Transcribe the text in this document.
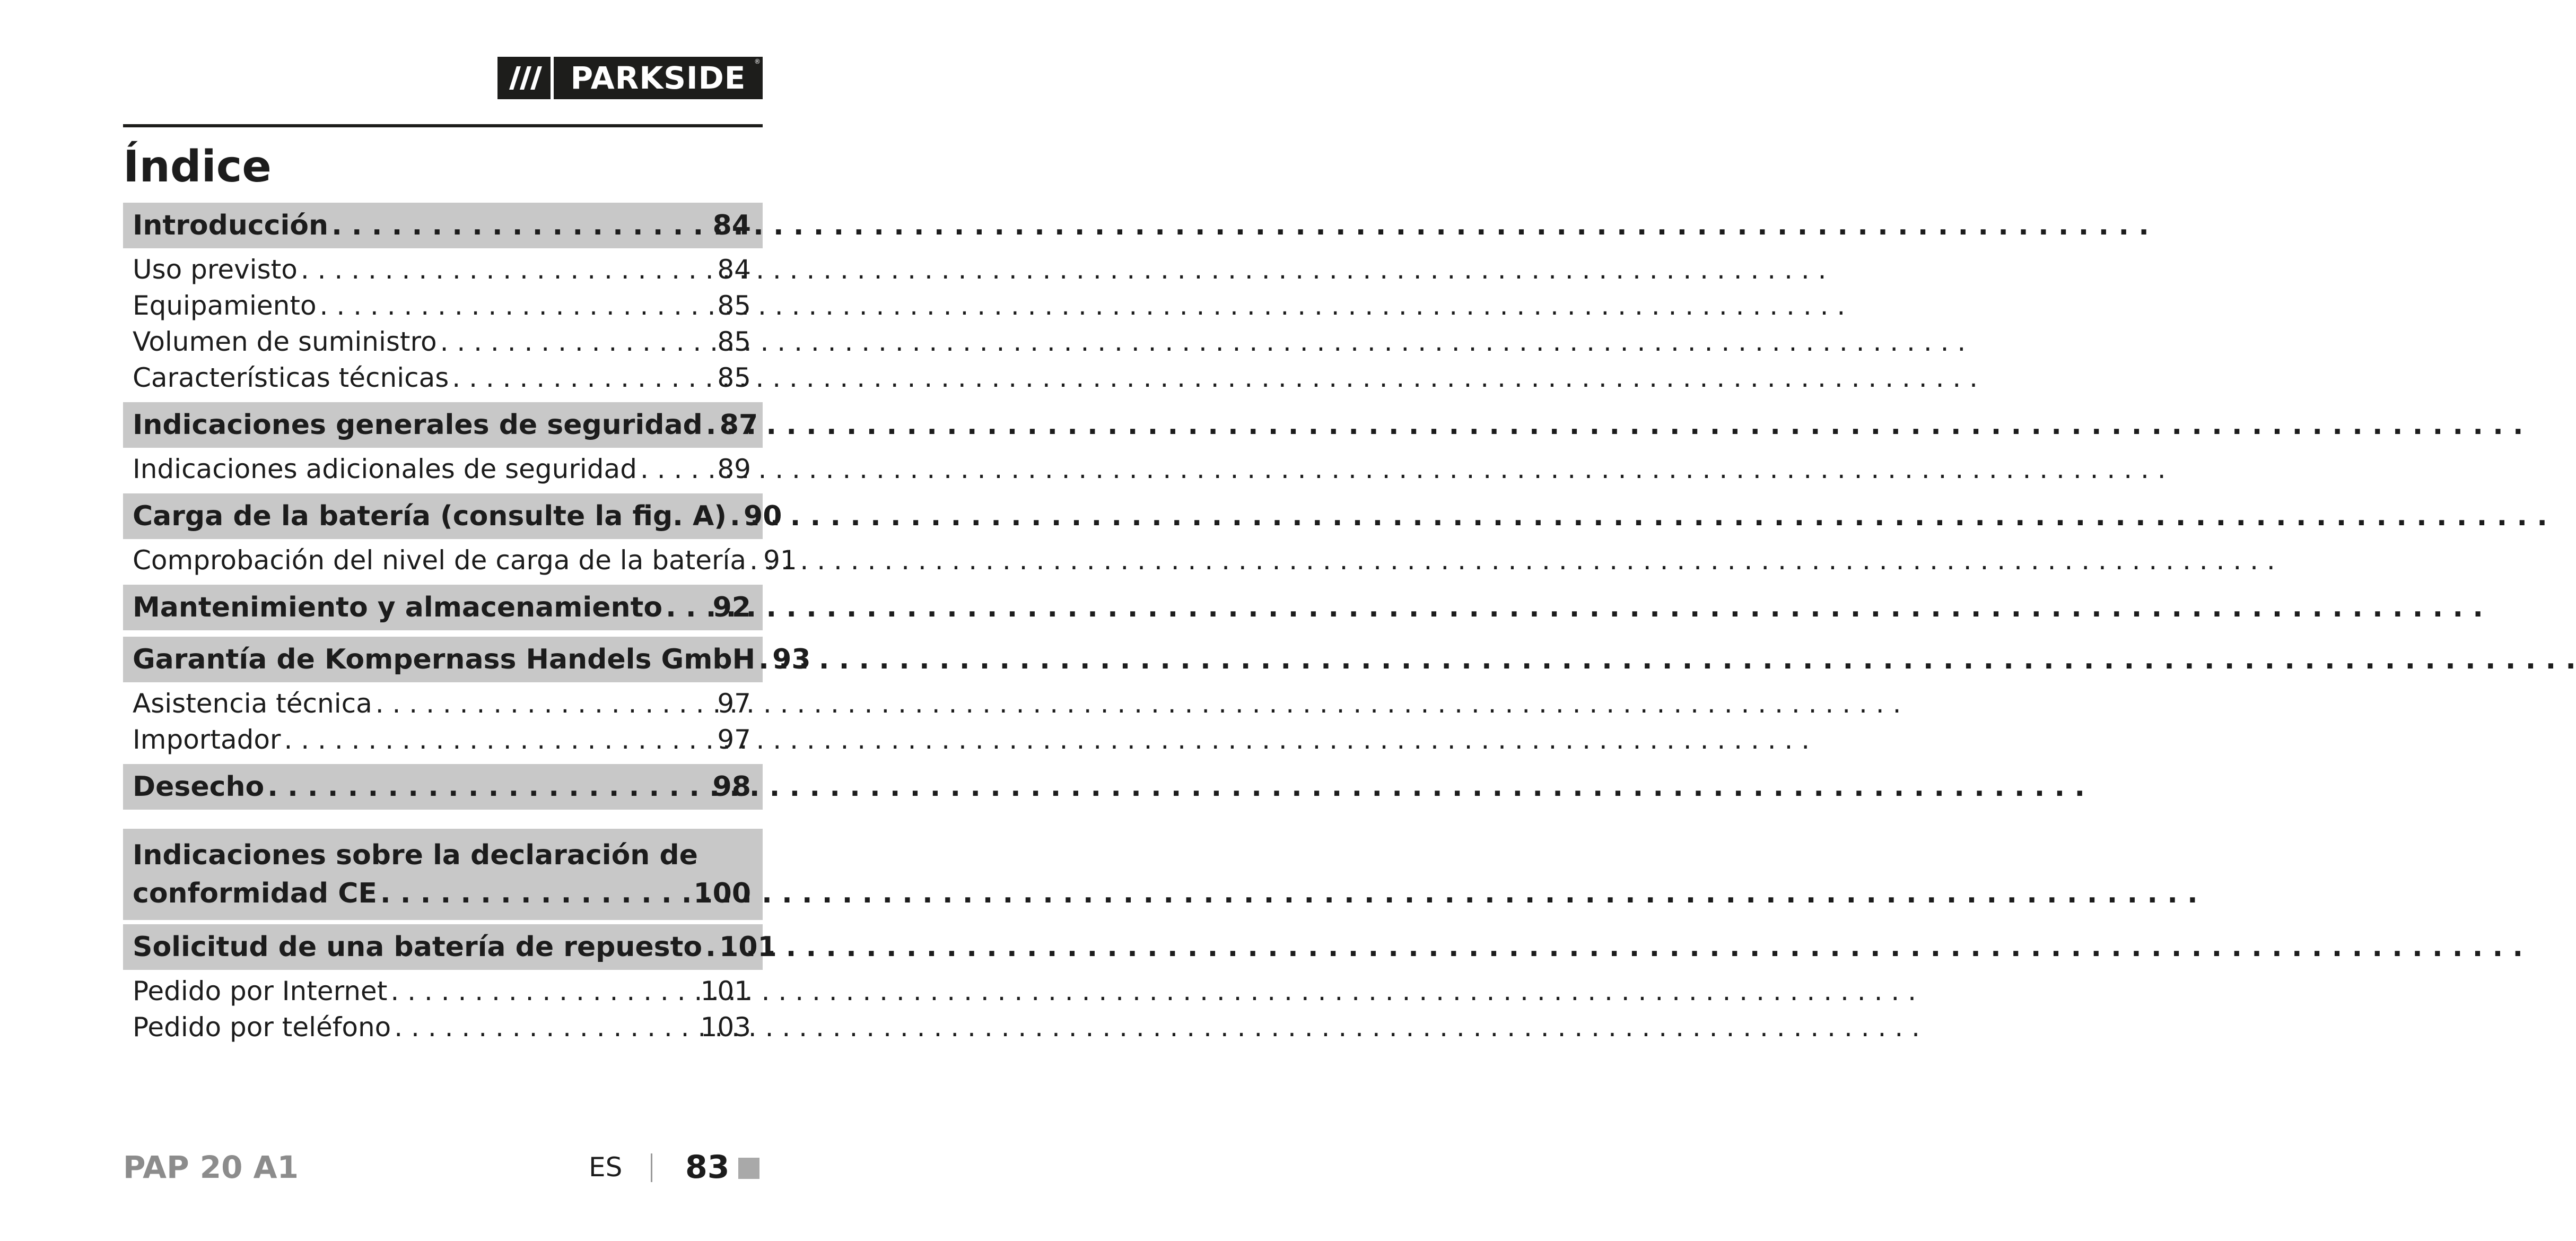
PARKSIDE	®
Índice
Introducción . . .	84
Uso previsto . . .	84
Equipamiento . . .	85
Volumen de suministro . . .	85
Características técnicas . . .	85
Indicaciones generales de seguridad . . . 87
Indicaciones adicionales de seguridad . . .	89
Carga de la batería (consulte la fig. A) . . . 90
Comprobación del nivel de carga de la batería . . . 91
Mantenimiento y almacenamiento . . . 92
Garantía de Kompernass Handels GmbH . . . 93
Asistencia técnica . . .	97
Importador . . .	97
Desecho . . .	98
Indicaciones sobre la declaración de
conformidad CE . . .	100
Solicitud de una batería de repuesto . . . 101
Pedido por Internet . . .	101
Pedido por teléfono . . .	103
PAP 20 A1	ES 83
